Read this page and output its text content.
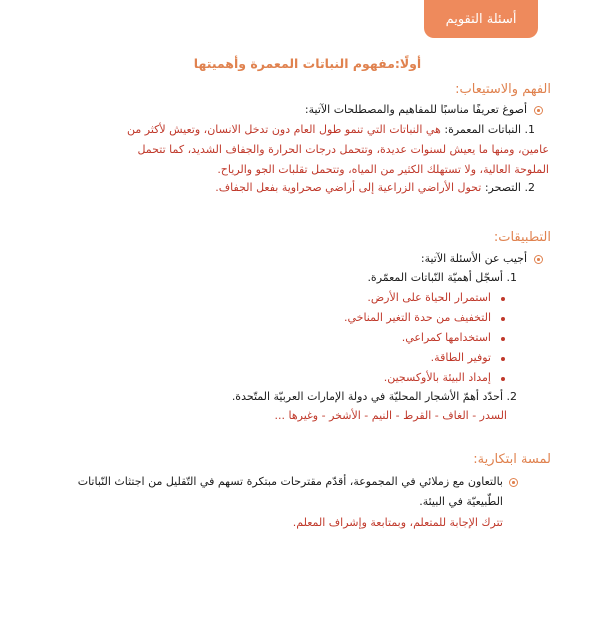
أسئلة التقويم
أولًا:مفهوم النباتات المعمرة وأهميتها
الفهم والاستيعاب:
أصوغ تعريفًا مناسبًا للمفاهيم والمصطلحات الآتية:
1. النباتات المعمرة: هي النباتات التي تنمو طول العام دون تدخل الانسان، وتعيش لأكثر من
عامين، ومنها ما يعيش لسنوات عديدة، وتتحمل درجات الحرارة والجفاف الشديد، كما تتحمل
الملوحة العالية، ولا تستهلك الكثير من المياه، وتتحمل تقلبات الجو والرياح.
2. التصحر: تحول الأراضي الزراعية إلى أراضي صحراوية بفعل الجفاف.
التطبيقات:
أجيب عن الأسئلة الآتية:
1. أسجّل أهميّة النّباتات المعمّرة.
استمرار الحياة على الأرض.
التخفيف من حدة التغير المناخي.
استخدامها كمراعي.
توفير الطاقة.
إمداد البيئة بالأوكسجين.
2. أحدّد أهمّ الأشجار المحليّة في دولة الإمارات العربيّة المتّحدة.
السدر - الغاف - القرط - النيم - الأشخر - وغيرها ...
لمسة ابتكارية:
بالتعاون مع زملائي في المجموعة، أقدّم مقترحات مبتكرة تسهم في التّقليل من اجتثاث النّباتات
الطّبيعيّة في البيئة.
تترك الإجابة للمتعلم، وبمتابعة وإشراف المعلم.
